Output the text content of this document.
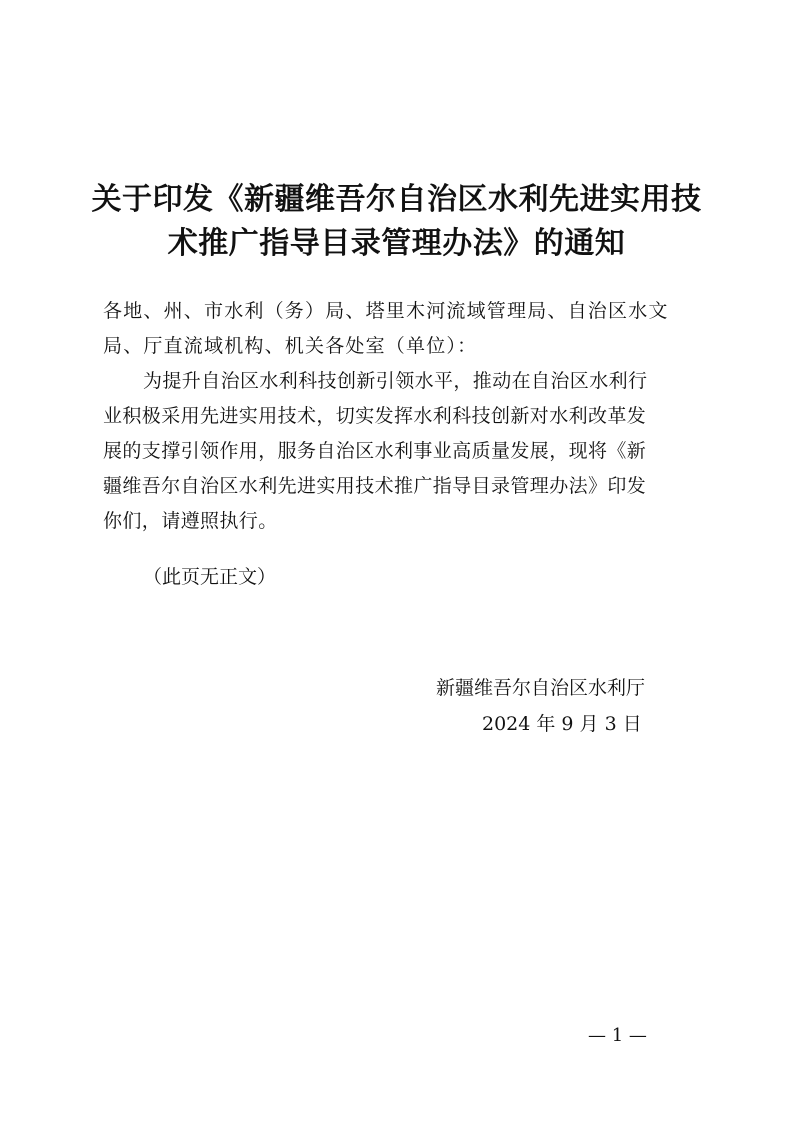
关于印发《新疆维吾尔自治区水利先进实用技
术推广指导目录管理办法》的通知

各地、州、市水利（务）局、塔里木河流域管理局、自治区水文
局、厅直流域机构、机关各处室（单位）：

为提升自治区水利科技创新引领水平，推动在自治区水利行
业积极采用先进实用技术，切实发挥水利科技创新对水利改革发
展的支撑引领作用，服务自治区水利事业高质量发展，现将《新
疆维吾尔自治区水利先进实用技术推广指导目录管理办法》印发
你们，请遵照执行。

（此页无正文）

新疆维吾尔自治区水利厅
2024 年 9 月 3 日

— 1 —
